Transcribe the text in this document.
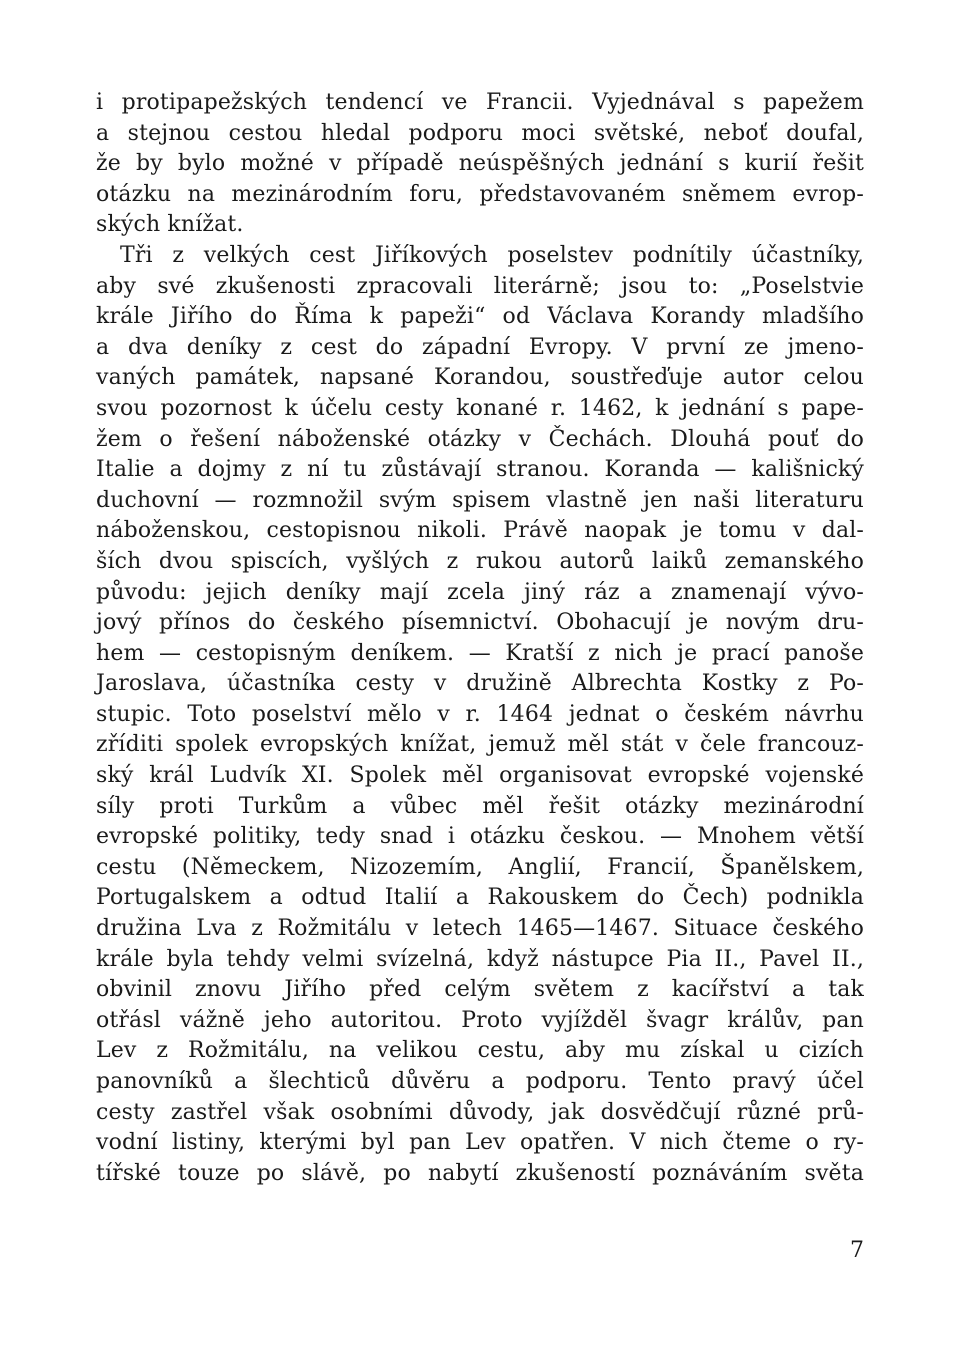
i protipapežských tendencí ve Francii. Vyjednával s papežem
a stejnou cestou hledal podporu moci světské, neboť doufal,
že by bylo možné v případě neúspěšných jednání s kurií řešit
otázku na mezinárodním foru, představovaném sněmem evrop-
ských knížat.
Tři z velkých cest Jiříkových poselstev podnítily účastníky,
aby své zkušenosti zpracovali literárně; jsou to: „Poselstvie
krále Jiřího do Říma k papeži“ od Václava Korandy mladšího
a dva deníky z cest do západní Evropy. V první ze jmeno-
vaných památek, napsané Korandou, soustřeďuje autor celou
svou pozornost k účelu cesty konané r. 1462, k jednání s pape-
žem o řešení náboženské otázky v Čechách. Dlouhá pouť do
Italie a dojmy z ní tu zůstávají stranou. Koranda — kališnický
duchovní — rozmnožil svým spisem vlastně jen naši literaturu
náboženskou, cestopisnou nikoli. Právě naopak je tomu v dal-
ších dvou spiscích, vyšlých z rukou autorů laiků zemanského
původu: jejich deníky mají zcela jiný ráz a znamenají vývo-
jový přínos do českého písemnictví. Obohacují je novým dru-
hem — cestopisným deníkem. — Kratší z nich je prací panoše
Jaroslava, účastníka cesty v družině Albrechta Kostky z Po-
stupic. Toto poselství mělo v r. 1464 jednat o českém návrhu
zříditi spolek evropských knížat, jemuž měl stát v čele francouz-
ský král Ludvík XI. Spolek měl organisovat evropské vojenské
síly proti Turkům a vůbec měl řešit otázky mezinárodní
evropské politiky, tedy snad i otázku českou. — Mnohem větší
cestu (Německem, Nizozemím, Anglií, Francií, Španělskem,
Portugalskem a odtud Italií a Rakouskem do Čech) podnikla
družina Lva z Rožmitálu v letech 1465—1467. Situace českého
krále byla tehdy velmi svízelná, když nástupce Pia II., Pavel II.,
obvinil znovu Jiřího před celým světem z kacířství a tak
otřásl vážně jeho autoritou. Proto vyjížděl švagr králův, pan
Lev z Rožmitálu, na velikou cestu, aby mu získal u cizích
panovníků a šlechticů důvěru a podporu. Tento pravý účel
cesty zastřel však osobními důvody, jak dosvědčují různé prů-
vodní listiny, kterými byl pan Lev opatřen. V nich čteme o ry-
tířské touze po slávě, po nabytí zkušeností poznáváním světa
7
